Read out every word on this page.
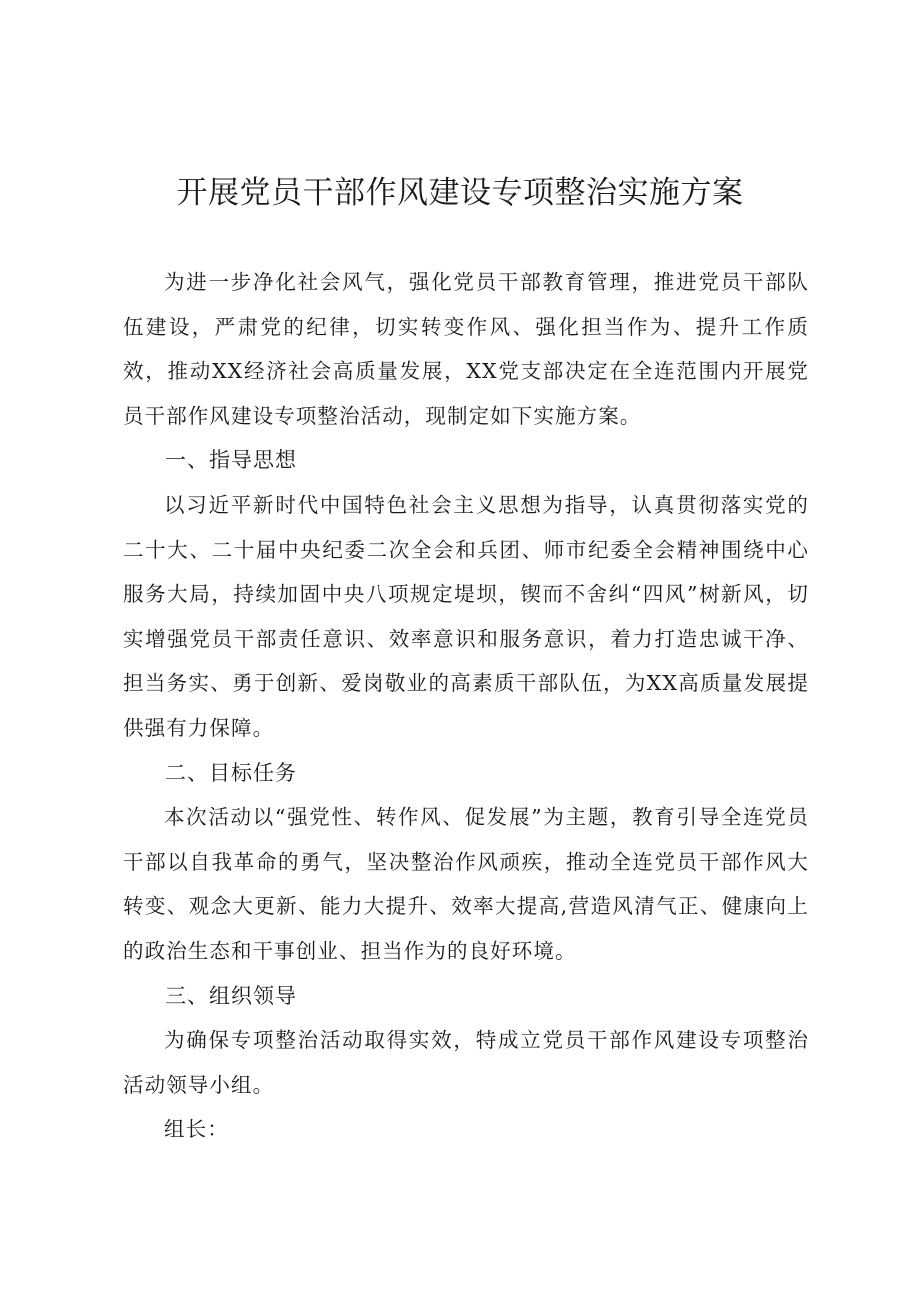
开展党员干部作风建设专项整治实施方案

为进一步净化社会风气，强化党员干部教育管理，推进党员干部队伍建设，严肃党的纪律，切实转变作风、强化担当作为、提升工作质效，推动XX经济社会高质量发展，XX党支部决定在全连范围内开展党员干部作风建设专项整治活动，现制定如下实施方案。

一、指导思想

以习近平新时代中国特色社会主义思想为指导，认真贯彻落实党的二十大、二十届中央纪委二次全会和兵团、师市纪委全会精神围绕中心服务大局，持续加固中央八项规定堤坝，锲而不舍纠“四风”树新风，切实增强党员干部责任意识、效率意识和服务意识，着力打造忠诚干净、担当务实、勇于创新、爱岗敬业的高素质干部队伍，为XX高质量发展提供强有力保障。

二、目标任务

本次活动以“强党性、转作风、促发展”为主题，教育引导全连党员干部以自我革命的勇气，坚决整治作风顽疾，推动全连党员干部作风大转变、观念大更新、能力大提升、效率大提高,营造风清气正、健康向上的政治生态和干事创业、担当作为的良好环境。

三、组织领导

为确保专项整治活动取得实效，特成立党员干部作风建设专项整治活动领导小组。

组长：
